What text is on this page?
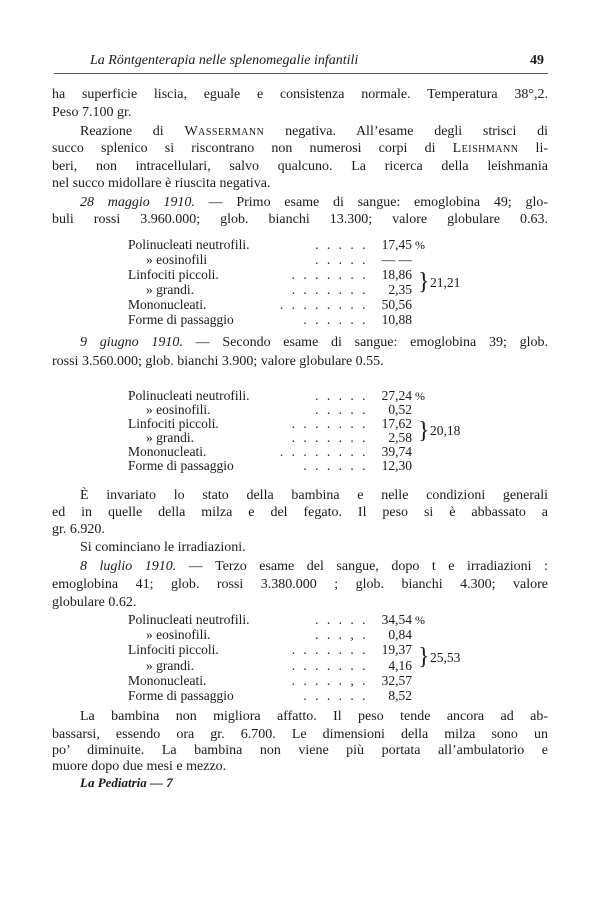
La Röntgenterapia nelle splenomegalie infantili	49
ha superficie liscia, eguale e consistenza normale. Temperatura 38°,2.
Peso 7.100 gr.
Reazione di Wassermann negativa. All’esame degli strisci di
succo splenico si riscontrano non numerosi corpi di Leishmann li-
beri, non intracellulari, salvo qualcuno. La ricerca della leishmania
nel succo midollare è riuscita negativa.
28 maggio 1910. — Primo esame di sangue: emoglobina 49; glo-
buli rossi 3.960.000; glob. bianchi 13.300; valore globulare 0.63.
Polinucleati neutrofili.	. . . . .	17,45 %
» eosinofili	. . . . .	— —
Linfociti piccoli.	. . . . . . .	18,86
» grandi.	. . . . . . .	2,35
Mononucleati.	. . . . . . . .	50,56
Forme di passaggio	. . . . . .	10,88
} 21,21
9 giugno 1910. — Secondo esame di sangue: emoglobina 39; glob.
rossi 3.560.000; glob. bianchi 3.900; valore globulare 0.55.
Polinucleati neutrofili.	. . . . .	27,24 %
» eosinofili.	. . . . .	0,52
Linfociti piccoli.	. . . . . . .	17,62
» grandi.	. . . . . . .	2,58
Mononucleati.	. . . . . . . .	39,74
Forme di passaggio	. . . . . .	12,30
} 20,18
È invariato lo stato della bambina e nelle condizioni generali
ed in quelle della milza e del fegato. Il peso si è abbassato a
gr. 6.920.
Si cominciano le irradiazioni.
8 luglio 1910. — Terzo esame del sangue, dopo t e irradiazioni :
emoglobina 41; glob. rossi 3.380.000 ; glob. bianchi 4.300; valore
globulare 0.62.
Polinucleati neutrofili.	. . . . .	34,54 %
» eosinofili.	. . . , .	0,84
Linfociti piccoli.	. . . . . . .	19,37
» grandi.	. . . . . . .	4,16
Mononucleati.	. . . . . , .	32,57
Forme di passaggio	. . . . . .	8,52
} 25,53
La bambina non migliora affatto. Il peso tende ancora ad ab-
bassarsi, essendo ora gr. 6.700. Le dimensioni della milza sono un
po’ diminuite. La bambina non viene più portata all’ambulatorio e
muore dopo due mesi e mezzo.
La Pediatria — 7
